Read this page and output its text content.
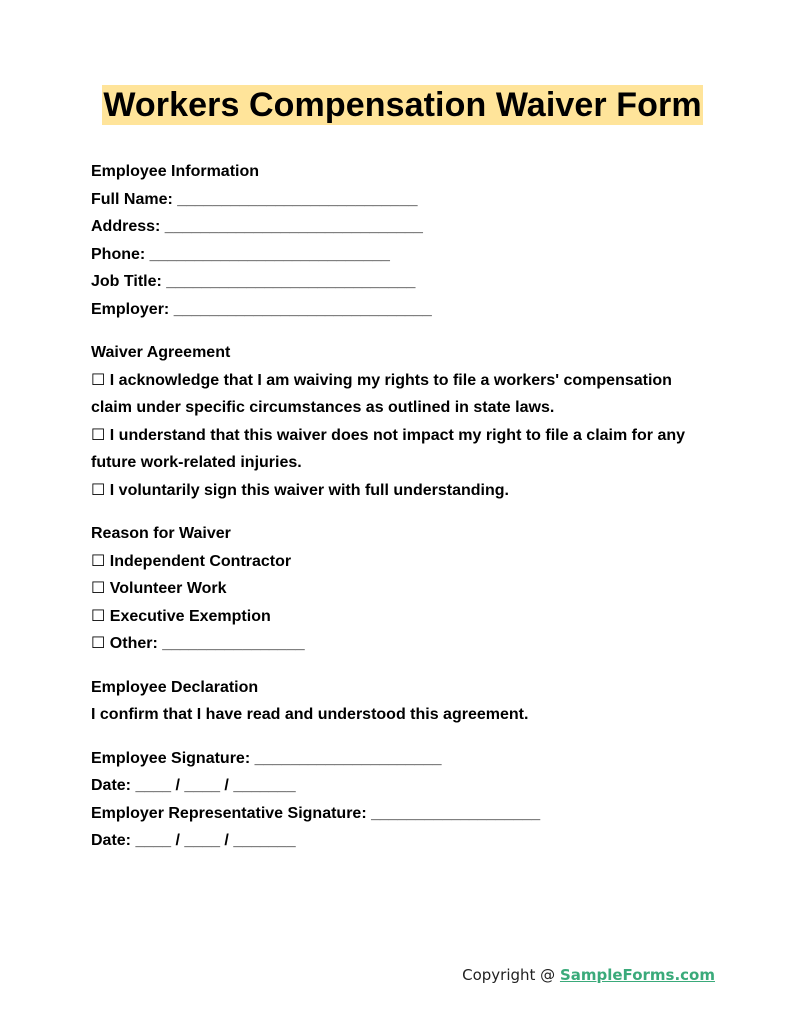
Workers Compensation Waiver Form
Employee Information
Full Name: ___________________________
Address: _____________________________
Phone: ___________________________
Job Title: ____________________________
Employer: _____________________________
Waiver Agreement
☐ I acknowledge that I am waiving my rights to file a workers' compensation claim under specific circumstances as outlined in state laws.
☐ I understand that this waiver does not impact my right to file a claim for any future work-related injuries.
☐ I voluntarily sign this waiver with full understanding.
Reason for Waiver
☐ Independent Contractor
☐ Volunteer Work
☐ Executive Exemption
☐ Other: ________________
Employee Declaration
I confirm that I have read and understood this agreement.
Employee Signature: _____________________
Date: ____ / ____ / _______
Employer Representative Signature: ___________________
Date: ____ / ____ / _______
Copyright @ SampleForms.com
